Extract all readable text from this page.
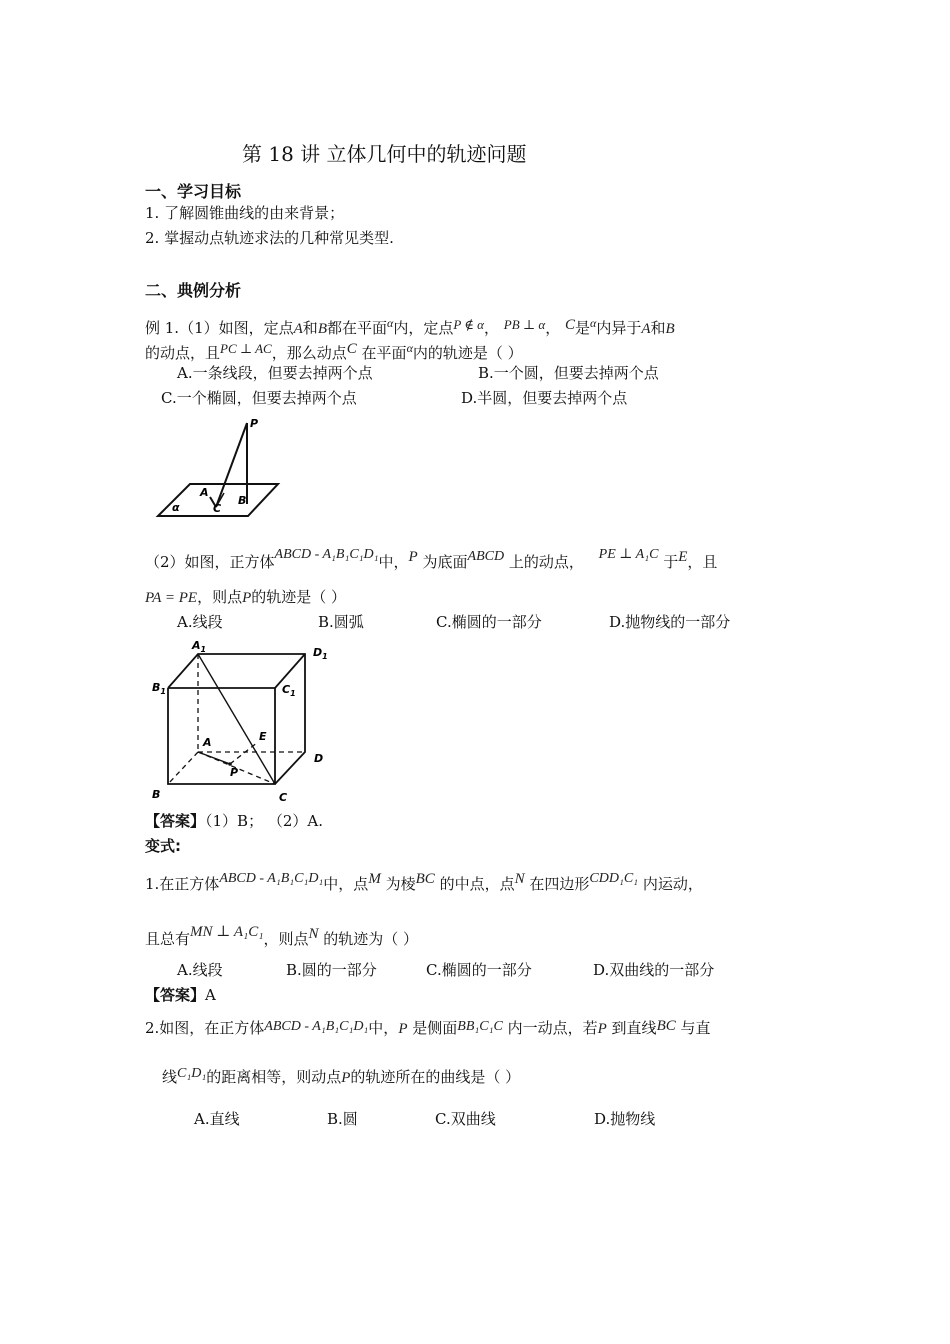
第 18 讲 立体几何中的轨迹问题
一、学习目标
1. 了解圆锥曲线的由来背景；
2. 掌握动点轨迹求法的几种常见类型.
二、典例分析
例 1.（1）如图，定点A和B都在平面$^\alpha$内，定点P ∉ α， PB ⊥ α， C是$^\alpha$内异于A和B
的动点，且PC ⊥ AC，那么动点C 在平面$^\alpha$内的轨迹是（ ）
A.一条线段，但要去掉两个点	B.一个圆，但要去掉两个点
C.一个椭圆，但要去掉两个点	D.半圆，但要去掉两个点
P
A
B
C
α
（2）如图，正方体ABCD - A₁B₁C₁D₁中，P 为底面ABCD 上的动点， PE ⊥ A₁C 于E，且
PA = PE，则点P的轨迹是（ ）
A.线段	B.圆弧	C.椭圆的一部分	D.抛物线的一部分
$A_1$	$D_1$
$B_1$	$C_1$
A	E
D
P
B	C
【答案】（1）B； （2）A.
变式:
1.在正方体ABCD - A₁B₁C₁D₁中，点M 为棱BC 的中点，点N 在四边形CDD₁C₁ 内运动，
且总有MN ⊥ A₁C₁，则点N 的轨迹为（ ）
A.线段	B.圆的一部分	C.椭圆的一部分	D.双曲线的一部分
【答案】A
2.如图，在正方体ABCD - A₁B₁C₁D₁中，P 是侧面BB₁C₁C 内一动点，若P 到直线BC 与直
线C₁D₁的距离相等，则动点P的轨迹所在的曲线是（ ）
A.直线	B.圆	C.双曲线	D.抛物线
